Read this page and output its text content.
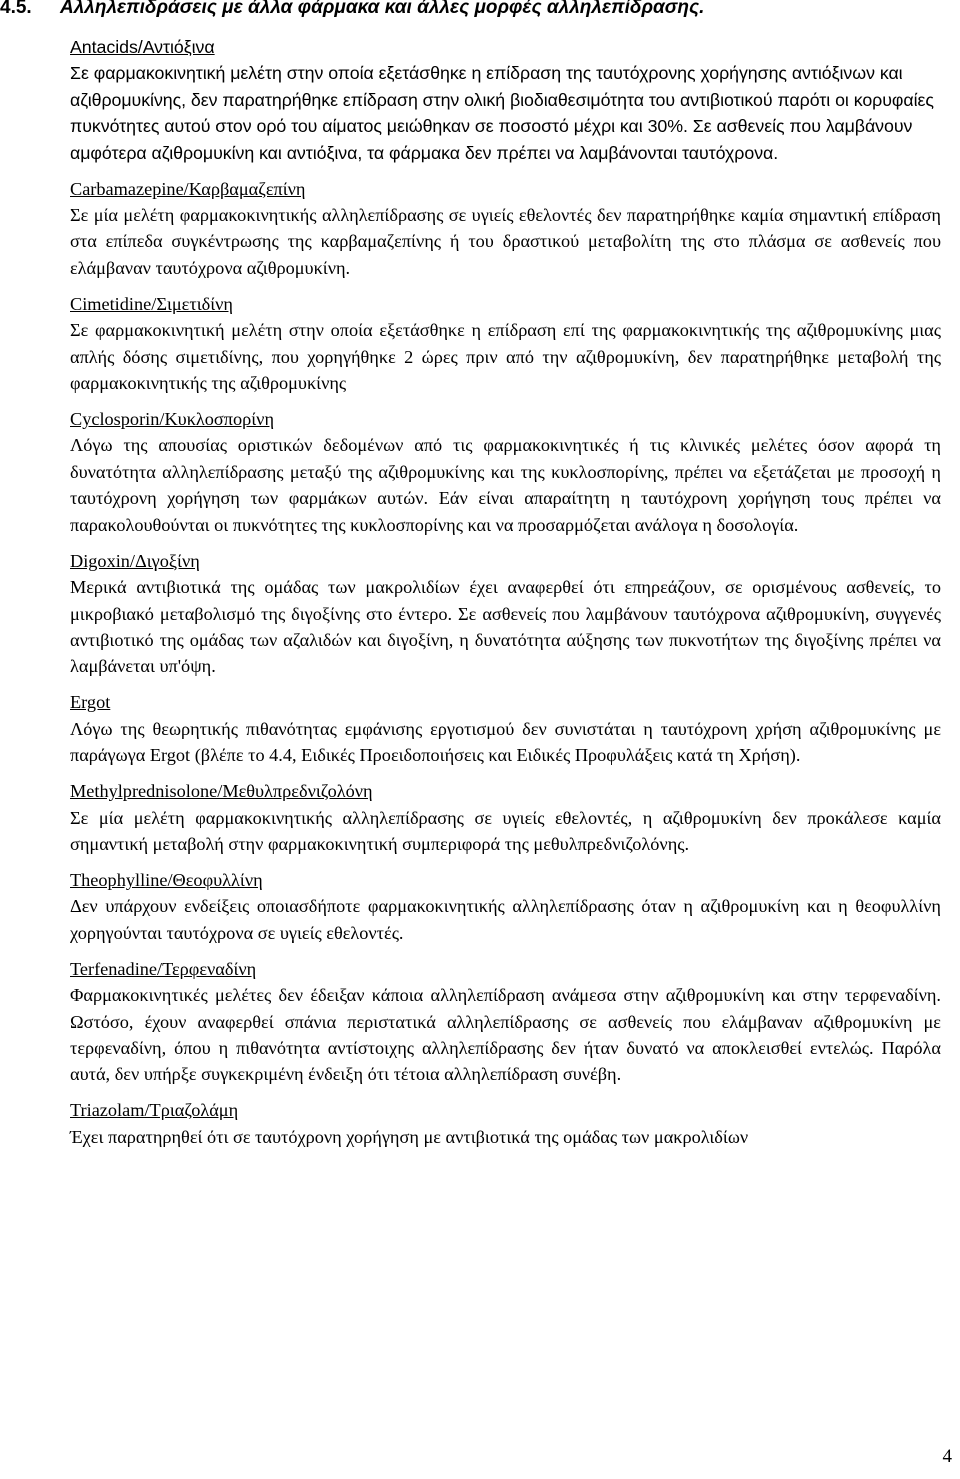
4.5. Αλληλεπιδράσεις με άλλα φάρμακα και άλλες μορφές αλληλεπίδρασης.

Antacids/Αντιόξινα

Σε φαρμακοκινητική μελέτη στην οποία εξετάσθηκε η επίδραση της ταυτόχρονης χορήγησης αντιόξινων και αζιθρομυκίνης, δεν παρατηρήθηκε επίδραση στην ολική βιοδιαθεσιμότητα του αντιβιοτικού παρότι οι κορυφαίες πυκνότητες αυτού στον ορό του αίματος μειώθηκαν σε ποσοστό μέχρι και 30%. Σε ασθενείς που λαμβάνουν αμφότερα αζιθρομυκίνη και αντιόξινα, τα φάρμακα δεν πρέπει να λαμβάνονται ταυτόχρονα.

Carbamazepine/Καρβαμαζεπίνη

Σε μία μελέτη φαρμακοκινητικής αλληλεπίδρασης σε υγιείς εθελοντές δεν παρατηρήθηκε καμία σημαντική επίδραση στα επίπεδα συγκέντρωσης της καρβαμαζεπίνης ή του δραστικού μεταβολίτη της στο πλάσμα σε ασθενείς που ελάμβαναν ταυτόχρονα αζιθρομυκίνη.

Cimetidine/Σιμετιδίνη

Σε φαρμακοκινητική μελέτη στην οποία εξετάσθηκε η επίδραση επί της φαρμακοκινητικής της αζιθρομυκίνης μιας απλής δόσης σιμετιδίνης, που χορηγήθηκε 2 ώρες πριν από την αζιθρομυκίνη, δεν παρατηρήθηκε μεταβολή της φαρμακοκινητικής της αζιθρομυκίνης

Cyclosporin/Κυκλοσπορίνη

Λόγω της απουσίας οριστικών δεδομένων από τις φαρμακοκινητικές ή τις κλινικές μελέτες όσον αφορά τη δυνατότητα αλληλεπίδρασης μεταξύ της αζιθρομυκίνης και της κυκλοσπορίνης, πρέπει να εξετάζεται με προσοχή η ταυτόχρονη χορήγηση των φαρμάκων αυτών. Εάν είναι απαραίτητη η ταυτόχρονη χορήγηση τους πρέπει να παρακολουθούνται οι πυκνότητες της κυκλοσπορίνης και να προσαρμόζεται ανάλογα η δοσολογία.

Digoxin/Διγοξίνη

Μερικά αντιβιοτικά της ομάδας των μακρολιδίων έχει αναφερθεί ότι επηρεάζουν, σε ορισμένους ασθενείς, το μικροβιακό μεταβολισμό της διγοξίνης στο έντερο. Σε ασθενείς που λαμβάνουν ταυτόχρονα αζιθρομυκίνη, συγγενές αντιβιοτικό της ομάδας των αζαλιδών και διγοξίνη, η δυνατότητα αύξησης των πυκνοτήτων της διγοξίνης πρέπει να λαμβάνεται υπ'όψη.

Ergot

Λόγω της θεωρητικής πιθανότητας εμφάνισης εργοτισμού δεν συνιστάται η ταυτόχρονη χρήση αζιθρομυκίνης με παράγωγα Ergot (βλέπε το 4.4, Ειδικές Προειδοποιήσεις και Ειδικές Προφυλάξεις κατά τη Χρήση).

Methylprednisolone/Μεθυλπρεδνιζολόνη

Σε μία μελέτη φαρμακοκινητικής αλληλεπίδρασης σε υγιείς εθελοντές, η αζιθρομυκίνη δεν προκάλεσε καμία σημαντική μεταβολή στην φαρμακοκινητική συμπεριφορά της μεθυλπρεδνιζολόνης.

Theophylline/Θεοφυλλίνη

Δεν υπάρχουν ενδείξεις οποιασδήποτε φαρμακοκινητικής αλληλεπίδρασης όταν η αζιθρομυκίνη και η θεοφυλλίνη χορηγούνται ταυτόχρονα σε υγιείς εθελοντές.

Terfenadine/Τερφεναδίνη

Φαρμακοκινητικές μελέτες δεν έδειξαν κάποια αλληλεπίδραση ανάμεσα στην αζιθρομυκίνη και στην τερφεναδίνη. Ωστόσο, έχουν αναφερθεί σπάνια περιστατικά αλληλεπίδρασης σε ασθενείς που ελάμβαναν αζιθρομυκίνη με τερφεναδίνη, όπου η πιθανότητα αντίστοιχης αλληλεπίδρασης δεν ήταν δυνατό να αποκλεισθεί εντελώς. Παρόλα αυτά, δεν υπήρξε συγκεκριμένη ένδειξη ότι τέτοια αλληλεπίδραση συνέβη.

Triazolam/Τριαζολάμη

Έχει παρατηρηθεί ότι σε ταυτόχρονη χορήγηση με αντιβιοτικά της ομάδας των μακρολιδίων

4
